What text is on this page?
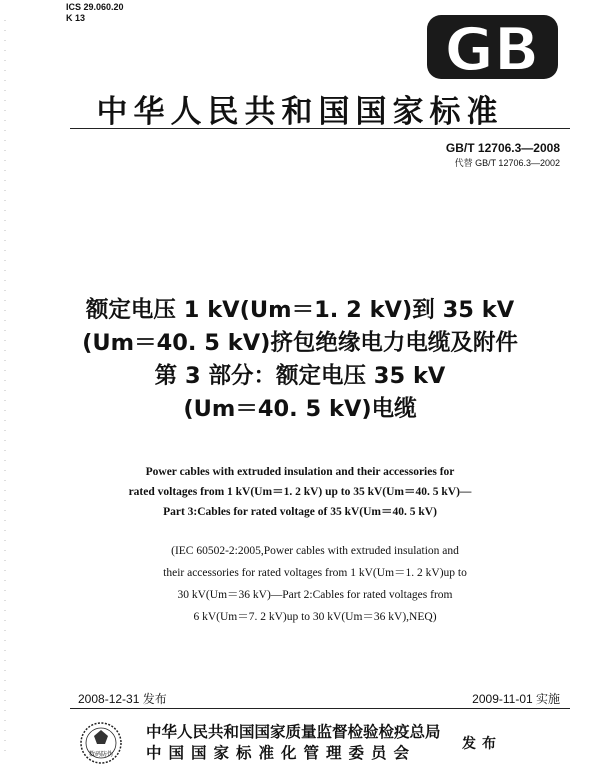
ICS 29.060.20
K 13	GB
中华人民共和国国家标准
GB/T 12706.3—2008
代替 GB/T 12706.3—2002
额定电压 1 kV(Um＝1. 2 kV)到 35 kV
(Um＝40. 5 kV)挤包绝缘电力电缆及附件
第 3 部分：额定电压 35 kV
(Um＝40. 5 kV)电缆
Power cables with extruded insulation and their accessories for
rated voltages from 1 kV(Um＝1. 2 kV) up to 35 kV(Um＝40. 5 kV)—
Part 3:Cables for rated voltage of 35 kV(Um＝40. 5 kV)
(IEC 60502-2:2005,Power cables with extruded insulation and
their accessories for rated voltages from 1 kV(Um＝1. 2 kV)up to
30 kV(Um＝36 kV)—Part 2:Cables for rated voltages from
6 kV(Um＝7. 2 kV)up to 30 kV(Um＝36 kV),NEQ)
2008-12-31 发布	2009-11-01 实施
数码防伪
中华人民共和国国家质量监督检验检疫总局
中国国家标准化管理委员会	发布
